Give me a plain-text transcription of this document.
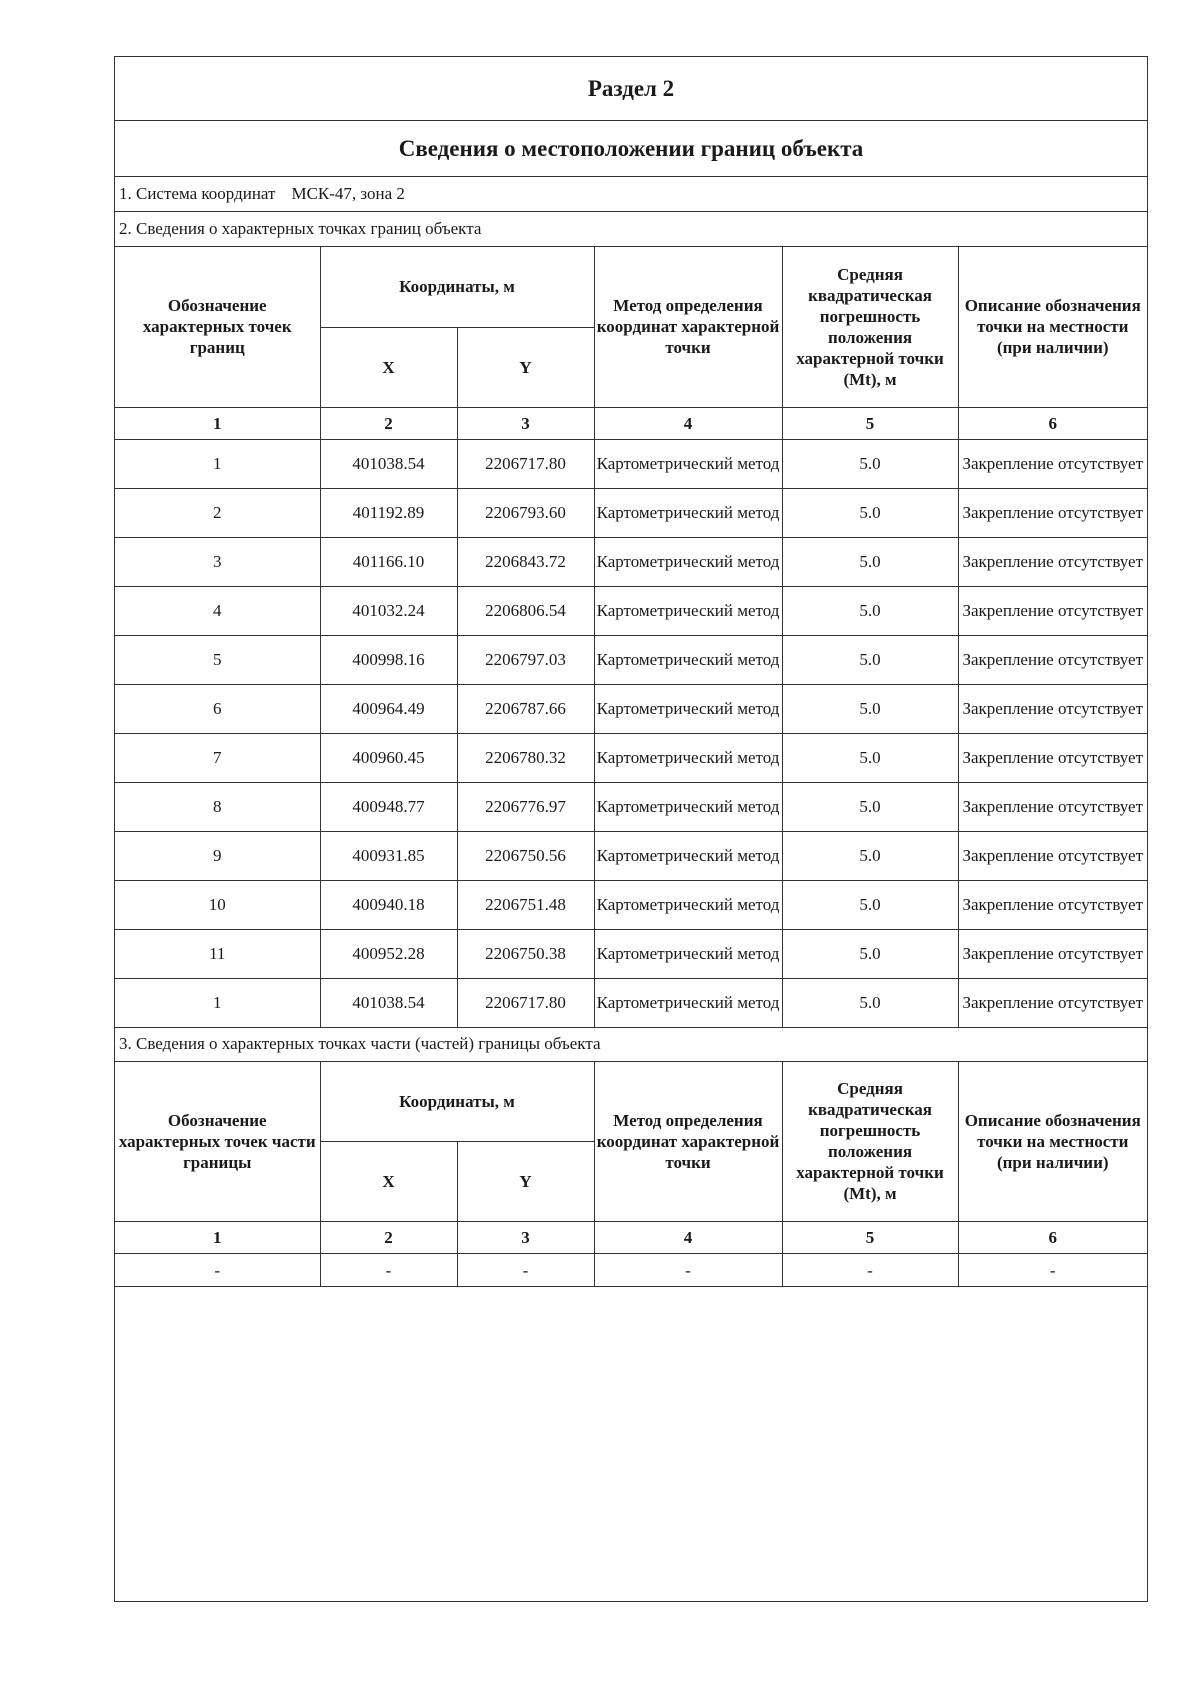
Раздел 2
Сведения о местоположении границ объекта
1. Система координат МСК-47, зона 2
2. Сведения о характерных точках границ объекта
Обозначение характерных точек границ	Координаты, м		Метод определения координат характерной точки	Средняя квадратическая погрешность положения характерной точки (Mt), м	Описание обозначения точки на местности (при наличии)
	X	Y			
1	2	3	4	5	6
1	401038.54	2206717.80	Картометрический метод	5.0	Закрепление отсутствует
2	401192.89	2206793.60	Картометрический метод	5.0	Закрепление отсутствует
3	401166.10	2206843.72	Картометрический метод	5.0	Закрепление отсутствует
4	401032.24	2206806.54	Картометрический метод	5.0	Закрепление отсутствует
5	400998.16	2206797.03	Картометрический метод	5.0	Закрепление отсутствует
6	400964.49	2206787.66	Картометрический метод	5.0	Закрепление отсутствует
7	400960.45	2206780.32	Картометрический метод	5.0	Закрепление отсутствует
8	400948.77	2206776.97	Картометрический метод	5.0	Закрепление отсутствует
9	400931.85	2206750.56	Картометрический метод	5.0	Закрепление отсутствует
10	400940.18	2206751.48	Картометрический метод	5.0	Закрепление отсутствует
11	400952.28	2206750.38	Картометрический метод	5.0	Закрепление отсутствует
1	401038.54	2206717.80	Картометрический метод	5.0	Закрепление отсутствует
3. Сведения о характерных точках части (частей) границы объекта
Обозначение характерных точек части границы	Координаты, м		Метод определения координат характерной точки	Средняя квадратическая погрешность положения характерной точки (Mt), м	Описание обозначения точки на местности (при наличии)
	X	Y			
1	2	3	4	5	6
-	-	-	-	-	-
